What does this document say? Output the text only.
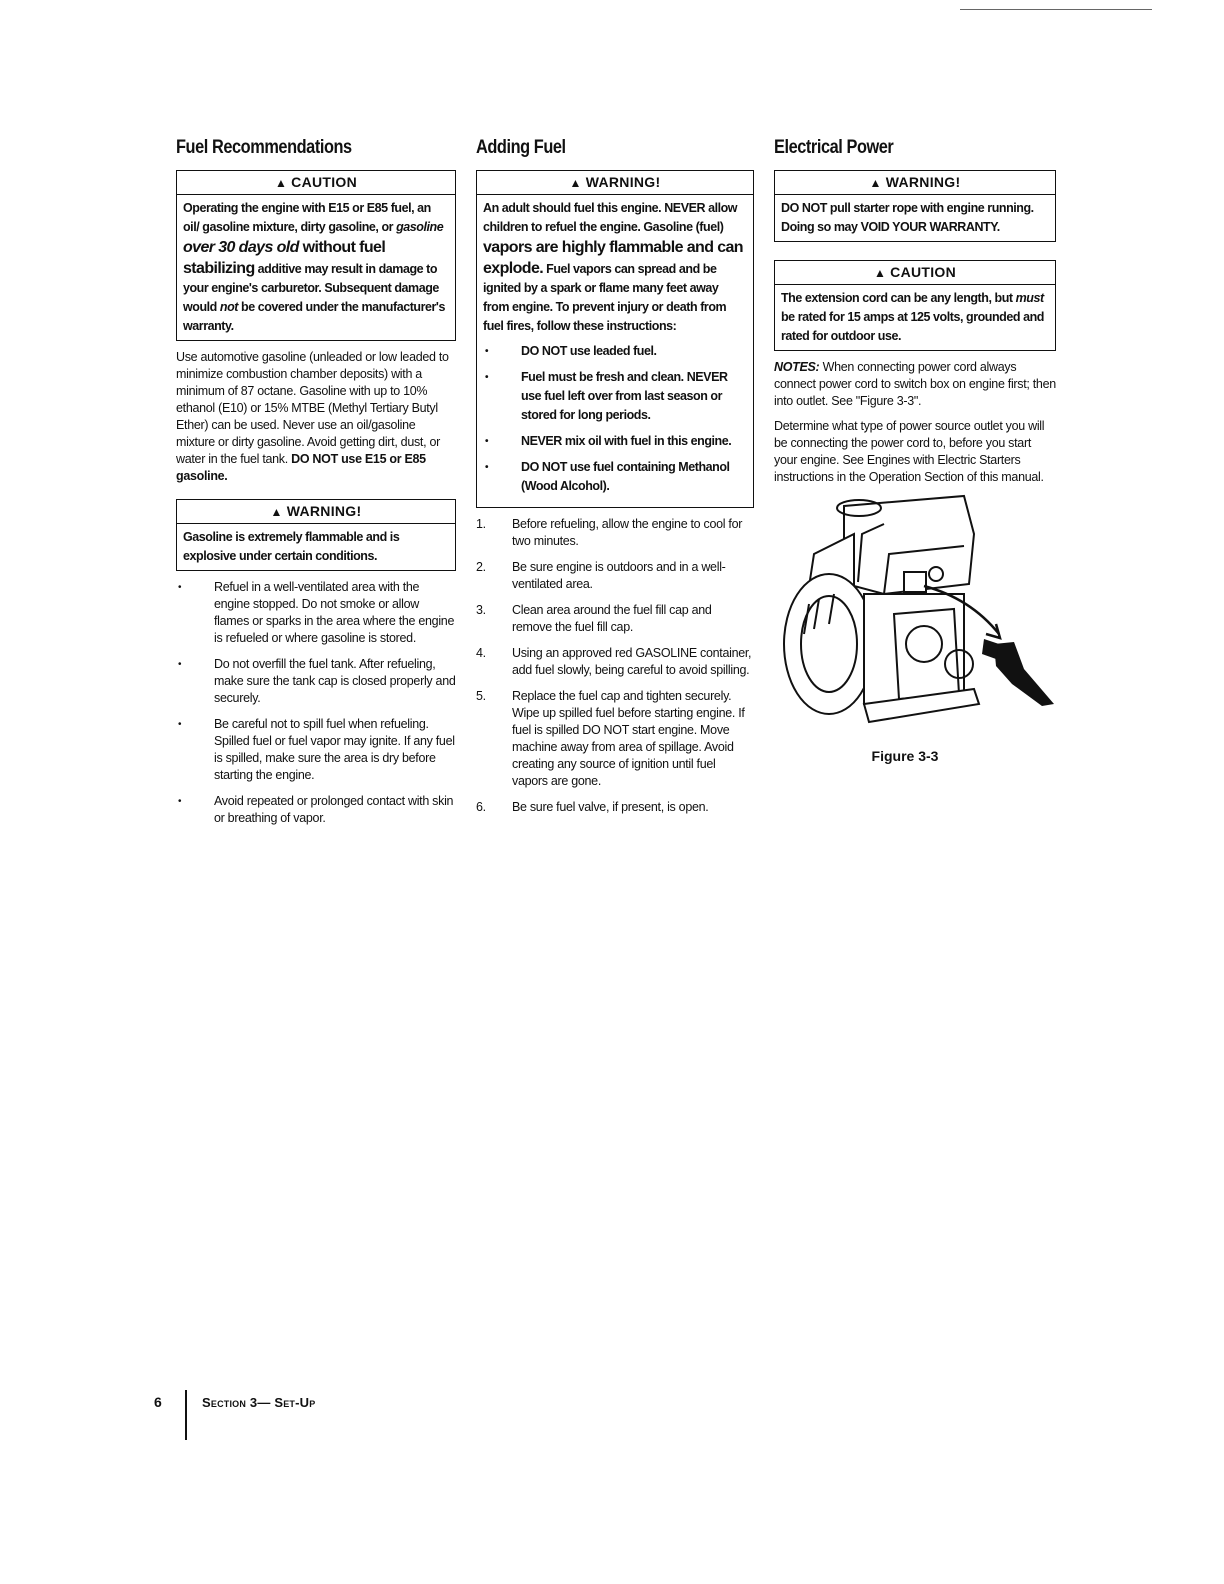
Fuel Recommendations
▲ CAUTION
Operating the engine with E15 or E85 fuel, an oil/ gasoline mixture, dirty gasoline, or gasoline over 30 days old without fuel stabilizing additive may result in damage to your engine's carburetor. Subsequent damage would not be covered under the manufacturer's warranty.

Use automotive gasoline (unleaded or low leaded to minimize combustion chamber deposits) with a minimum of 87 octane. Gasoline with up to 10% ethanol (E10) or 15% MTBE (Methyl Tertiary Butyl Ether) can be used. Never use an oil/gasoline mixture or dirty gasoline. Avoid getting dirt, dust, or water in the fuel tank. DO NOT use E15 or E85 gasoline.

▲ WARNING!
Gasoline is extremely flammable and is explosive under certain conditions.
• Refuel in a well-ventilated area with the engine stopped. Do not smoke or allow flames or sparks in the area where the engine is refueled or where gasoline is stored.
• Do not overfill the fuel tank. After refueling, make sure the tank cap is closed properly and securely.
• Be careful not to spill fuel when refueling. Spilled fuel or fuel vapor may ignite. If any fuel is spilled, make sure the area is dry before starting the engine.
• Avoid repeated or prolonged contact with skin or breathing of vapor.
Adding Fuel
▲ WARNING!
An adult should fuel this engine. NEVER allow children to refuel the engine. Gasoline (fuel) vapors are highly flammable and can explode. Fuel vapors can spread and be ignited by a spark or flame many feet away from engine. To prevent injury or death from fuel fires, follow these instructions:
• DO NOT use leaded fuel.
• Fuel must be fresh and clean. NEVER use fuel left over from last season or stored for long periods.
• NEVER mix oil with fuel in this engine.
• DO NOT use fuel containing Methanol (Wood Alcohol).
1. Before refueling, allow the engine to cool for two minutes.
2. Be sure engine is outdoors and in a well-ventilated area.
3. Clean area around the fuel fill cap and remove the fuel fill cap.
4. Using an approved red GASOLINE container, add fuel slowly, being careful to avoid spilling.
5. Replace the fuel cap and tighten securely. Wipe up spilled fuel before starting engine. If fuel is spilled DO NOT start engine. Move machine away from area of spillage. Avoid creating any source of ignition until fuel vapors are gone.
6. Be sure fuel valve, if present, is open.
Electrical Power
▲ WARNING!
DO NOT pull starter rope with engine running. Doing so may VOID YOUR WARRANTY.
▲ CAUTION
The extension cord can be any length, but must be rated for 15 amps at 125 volts, grounded and rated for outdoor use.

NOTES: When connecting power cord always connect power cord to switch box on engine first; then into outlet. See "Figure 3-3".

Determine what type of power source outlet you will be connecting the power cord to, before you start your engine. See Engines with Electric Starters instructions in the Operation Section of this manual.

Figure 3-3
6	Section 3— Set-Up
